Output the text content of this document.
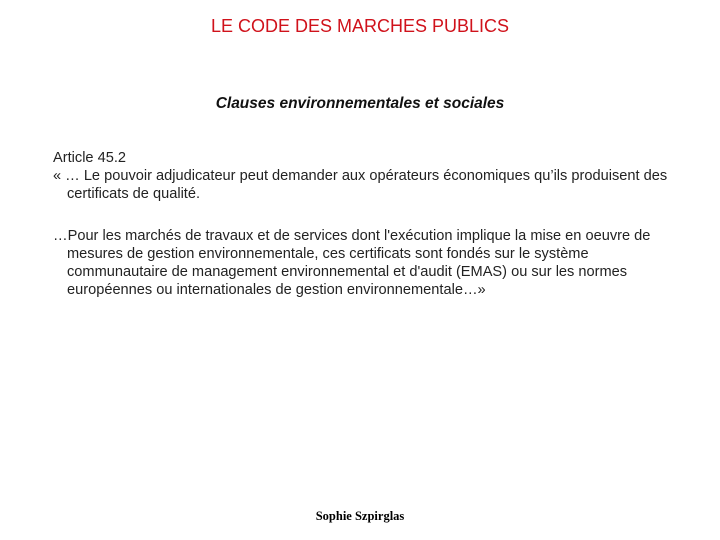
LE CODE DES MARCHES PUBLICS
Clauses environnementales et sociales

Article 45.2

« … Le pouvoir adjudicateur peut demander aux opérateurs économiques qu’ils produisent des certificats de qualité.

…Pour les marchés de travaux et de services dont l'exécution implique la mise en oeuvre de mesures de gestion environnementale, ces certificats sont fondés sur le système communautaire de management environnemental et d'audit (EMAS) ou sur les normes européennes ou internationales de gestion environnementale…»

Sophie Szpirglas
